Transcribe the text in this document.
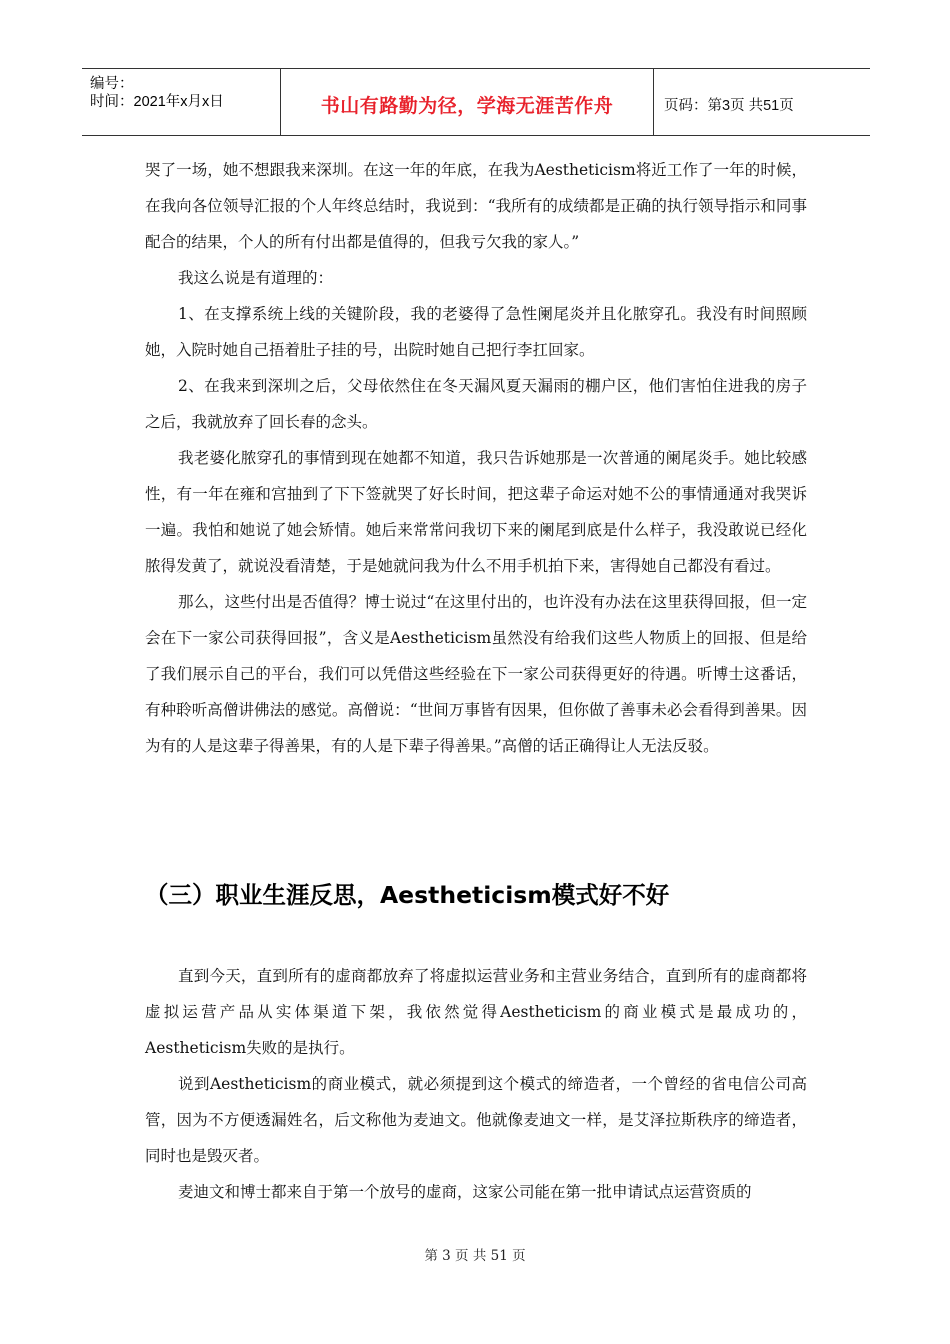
编号：
时间：2021年x月x日	书山有路勤为径，学海无涯苦作舟	页码：第3页 共51页

哭了一场，她不想跟我来深圳。在这一年的年底，在我为Aestheticism将近工作了一年的时候，在我向各位领导汇报的个人年终总结时，我说到：“我所有的成绩都是正确的执行领导指示和同事配合的结果，个人的所有付出都是值得的，但我亏欠我的家人。”

我这么说是有道理的：

1、在支撑系统上线的关键阶段，我的老婆得了急性阑尾炎并且化脓穿孔。我没有时间照顾她，入院时她自己捂着肚子挂的号，出院时她自己把行李扛回家。

2、在我来到深圳之后，父母依然住在冬天漏风夏天漏雨的棚户区，他们害怕住进我的房子之后，我就放弃了回长春的念头。

我老婆化脓穿孔的事情到现在她都不知道，我只告诉她那是一次普通的阑尾炎手。她比较感性，有一年在雍和宫抽到了下下签就哭了好长时间，把这辈子命运对她不公的事情通通对我哭诉一遍。我怕和她说了她会矫情。她后来常常问我切下来的阑尾到底是什么样子，我没敢说已经化脓得发黄了，就说没看清楚，于是她就问我为什么不用手机拍下来，害得她自己都没有看过。

那么，这些付出是否值得？博士说过“在这里付出的，也许没有办法在这里获得回报，但一定会在下一家公司获得回报”，含义是Aestheticism虽然没有给我们这些人物质上的回报、但是给了我们展示自己的平台，我们可以凭借这些经验在下一家公司获得更好的待遇。听博士这番话，有种聆听高僧讲佛法的感觉。高僧说：“世间万事皆有因果，但你做了善事未必会看得到善果。因为有的人是这辈子得善果，有的人是下辈子得善果。”高僧的话正确得让人无法反驳。

（三）职业生涯反思，Aestheticism模式好不好

直到今天，直到所有的虚商都放弃了将虚拟运营业务和主营业务结合，直到所有的虚商都将虚拟运营产品从实体渠道下架，我依然觉得Aestheticism的商业模式是最成功的，Aestheticism失败的是执行。

说到Aestheticism的商业模式，就必须提到这个模式的缔造者，一个曾经的省电信公司高管，因为不方便透漏姓名，后文称他为麦迪文。他就像麦迪文一样，是艾泽拉斯秩序的缔造者，同时也是毁灭者。

麦迪文和博士都来自于第一个放号的虚商，这家公司能在第一批申请试点运营资质的

第 3 页 共 51 页
